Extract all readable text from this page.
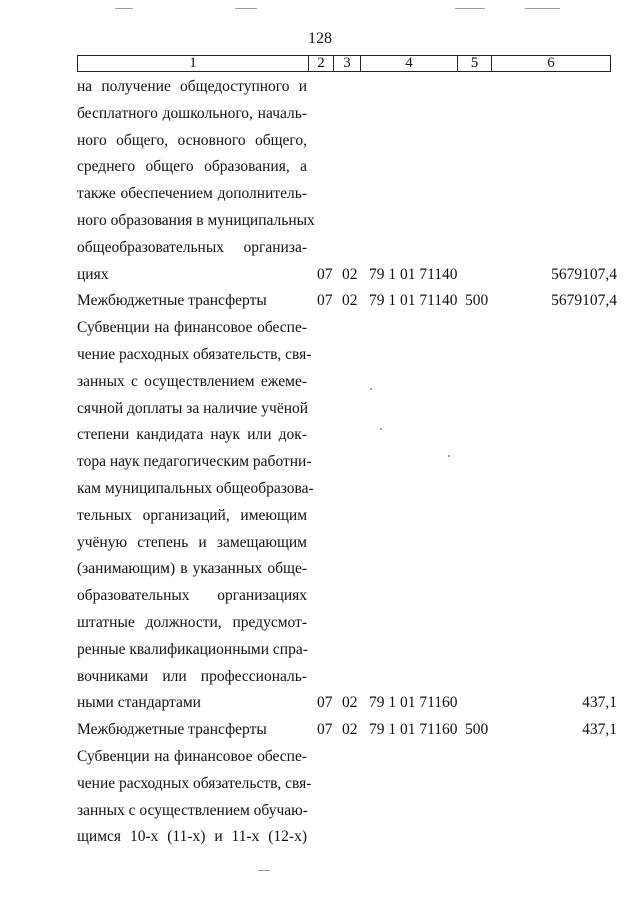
128
1	2	3	4	5	6
на получение общедоступного и
бесплатного дошкольного, началь-
ного общего, основного общего,
среднего общего образования, а
также обеспечением дополнитель-
ного образования в муниципальных
общеобразовательных организа-
циях	07 02 79 1 01 71140	5679107,4
Межбюджетные трансферты	07 02 79 1 01 71140 500	5679107,4
Субвенции на финансовое обеспе-
чение расходных обязательств, свя-
занных с осуществлением ежеме-
сячной доплаты за наличие учёной
степени кандидата наук или док-
тора наук педагогическим работни-
кам муниципальных общеобразова-
тельных организаций, имеющим
учёную степень и замещающим
(занимающим) в указанных обще-
образовательных организациях
штатные должности, предусмот-
ренные квалификационными спра-
вочниками или профессиональ-
ными стандартами	07 02 79 1 01 71160	437,1
Межбюджетные трансферты	07 02 79 1 01 71160 500	437,1
Субвенции на финансовое обеспе-
чение расходных обязательств, свя-
занных с осуществлением обучаю-
щимся 10-х (11-х) и 11-х (12-х)
